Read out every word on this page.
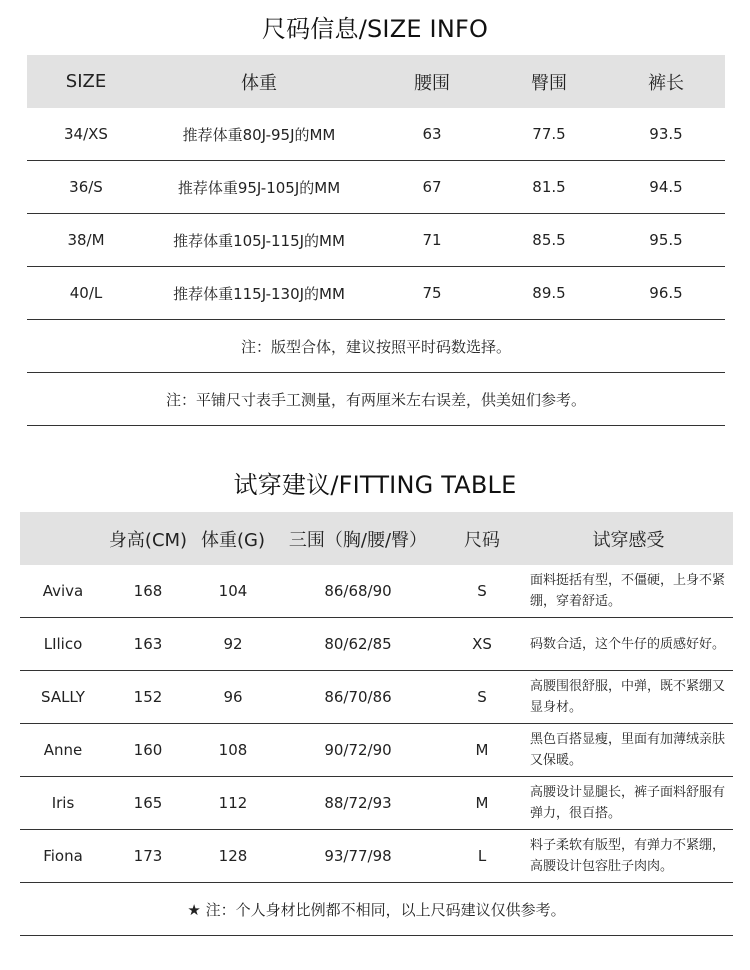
尺码信息/SIZE INFO
SIZE	体重	腰围	臀围	裤长
34/XS	推荐体重80J-95J的MM	63	77.5	93.5
36/S	推荐体重95J-105J的MM	67	81.5	94.5
38/M	推荐体重105J-115J的MM	71	85.5	95.5
40/L	推荐体重115J-130J的MM	75	89.5	96.5
注：版型合体，建议按照平时码数选择。				
注：平铺尺寸表手工测量，有两厘米左右误差，供美妞们参考。				
试穿建议/FITTING TABLE
	身高(CM)	体重(G)	三围（胸/腰/臀）	尺码	试穿感受
Aviva	168	104	86/68/90	S	面料挺括有型，不僵硬，上身不紧绷，穿着舒适。
LIlico	163	92	80/62/85	XS	码数合适，这个牛仔的质感好好。
SALLY	152	96	86/70/86	S	高腰围很舒服，中弹，既不紧绷又显身材。
Anne	160	108	90/72/90	M	黑色百搭显瘦，里面有加薄绒亲肤又保暖。
Iris	165	112	88/72/93	M	高腰设计显腿长，裤子面料舒服有弹力，很百搭。
Fiona	173	128	93/77/98	L	料子柔软有版型，有弹力不紧绷，高腰设计包容肚子肉肉。
★ 注：个人身材比例都不相同，以上尺码建议仅供参考。					
